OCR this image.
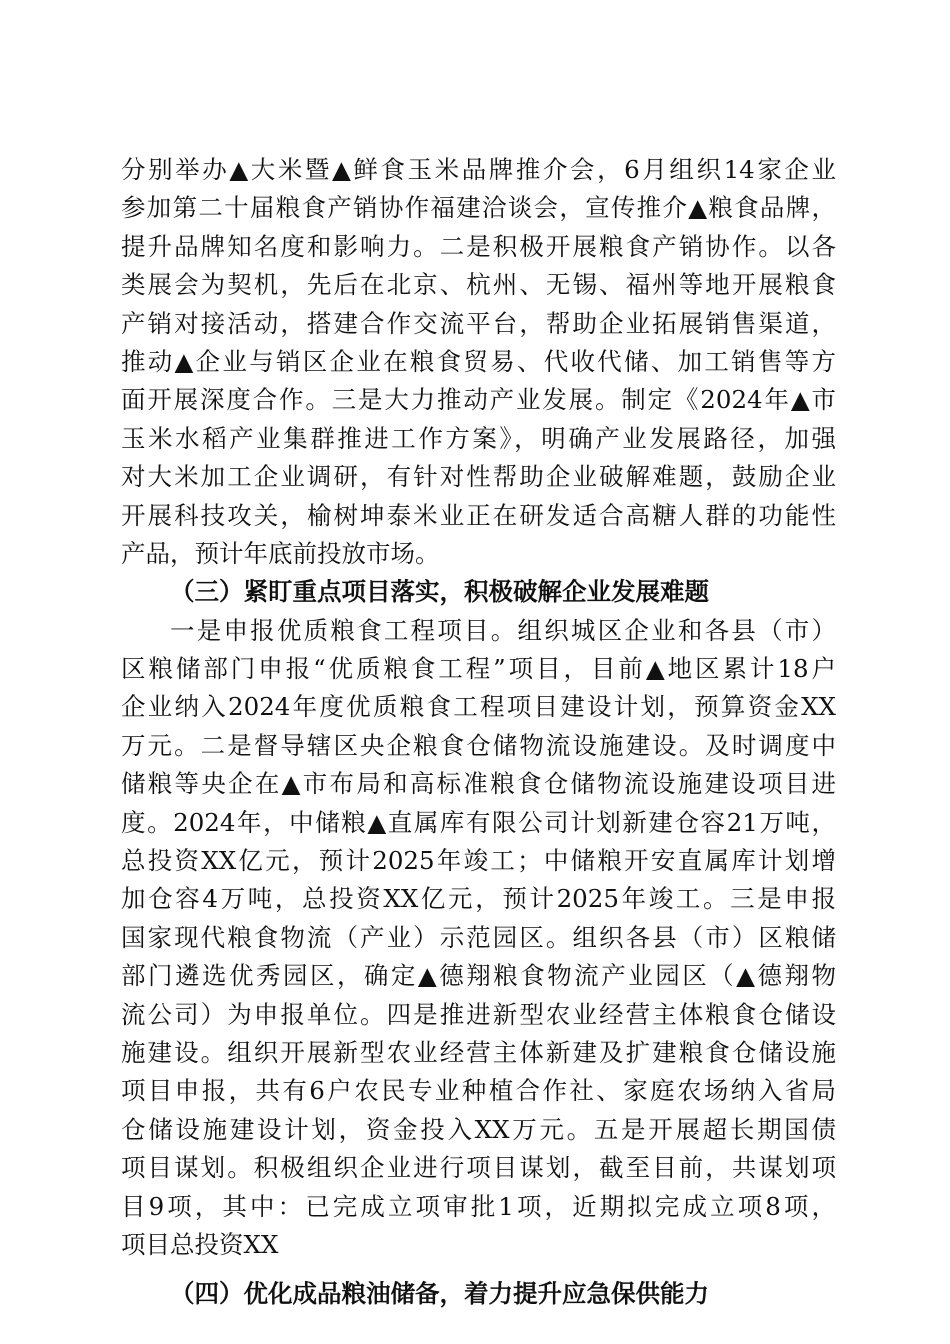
分别举办▲大米暨▲鲜食玉米品牌推介会，6月组织14家企业
参加第二十届粮食产销协作福建洽谈会，宣传推介▲粮食品牌，
提升品牌知名度和影响力。二是积极开展粮食产销协作。以各
类展会为契机，先后在北京、杭州、无锡、福州等地开展粮食
产销对接活动，搭建合作交流平台，帮助企业拓展销售渠道，
推动▲企业与销区企业在粮食贸易、代收代储、加工销售等方
面开展深度合作。三是大力推动产业发展。制定《2024年▲市
玉米水稻产业集群推进工作方案》，明确产业发展路径，加强
对大米加工企业调研，有针对性帮助企业破解难题，鼓励企业
开展科技攻关，榆树坤泰米业正在研发适合高糖人群的功能性
产品，预计年底前投放市场。
（三）紧盯重点项目落实，积极破解企业发展难题
一是申报优质粮食工程项目。组织城区企业和各县（市）
区粮储部门申报“优质粮食工程”项目，目前▲地区累计18户
企业纳入2024年度优质粮食工程项目建设计划，预算资金XX
万元。二是督导辖区央企粮食仓储物流设施建设。及时调度中
储粮等央企在▲市布局和高标准粮食仓储物流设施建设项目进
度。2024年，中储粮▲直属库有限公司计划新建仓容21万吨，
总投资XX亿元，预计2025年竣工；中储粮开安直属库计划增
加仓容4万吨，总投资XX亿元，预计2025年竣工。三是申报
国家现代粮食物流（产业）示范园区。组织各县（市）区粮储
部门遴选优秀园区，确定▲德翔粮食物流产业园区（▲德翔物
流公司）为申报单位。四是推进新型农业经营主体粮食仓储设
施建设。组织开展新型农业经营主体新建及扩建粮食仓储设施
项目申报，共有6户农民专业种植合作社、家庭农场纳入省局
仓储设施建设计划，资金投入XX万元。五是开展超长期国债
项目谋划。积极组织企业进行项目谋划，截至目前，共谋划项
目9项，其中：已完成立项审批1项，近期拟完成立项8项，
项目总投资XX
（四）优化成品粮油储备，着力提升应急保供能力
